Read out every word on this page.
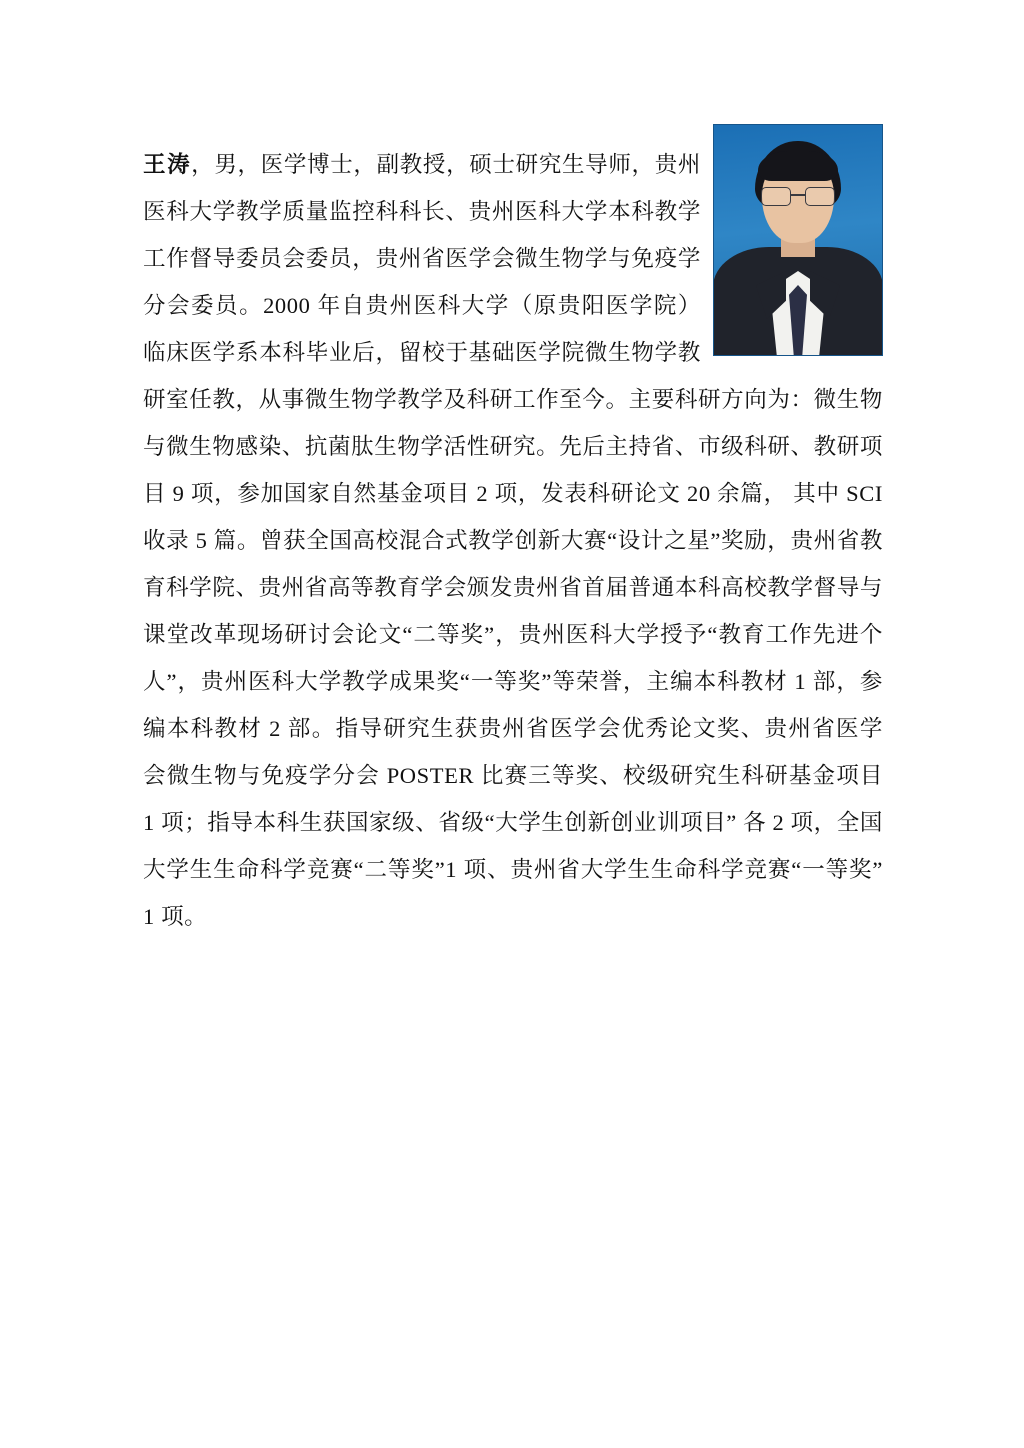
王涛，男，医学博士，副教授，硕士研究生导师，贵州医科大学教学质量监控科科长、贵州医科大学本科教学工作督导委员会委员，贵州省医学会微生物学与免疫学分会委员。2000 年自贵州医科大学（原贵阳医学院）临床医学系本科毕业后，留校于基础医学院微生物学教研室任教，从事微生物学教学及科研工作至今。主要科研方向为：微生物与微生物感染、抗菌肽生物学活性研究。先后主持省、市级科研、教研项目 9 项，参加国家自然基金项目 2 项，发表科研论文 20 余篇， 其中 SCI 收录 5 篇。曾获全国高校混合式教学创新大赛“设计之星”奖励，贵州省教育科学院、贵州省高等教育学会颁发贵州省首届普通本科高校教学督导与课堂改革现场研讨会论文“二等奖”，贵州医科大学授予“教育工作先进个人”，贵州医科大学教学成果奖“一等奖”等荣誉，主编本科教材 1 部，参编本科教材 2 部。指导研究生获贵州省医学会优秀论文奖、贵州省医学会微生物与免疫学分会 POSTER 比赛三等奖、校级研究生科研基金项目 1 项；指导本科生获国家级、省级“大学生创新创业训项目” 各 2 项，全国大学生生命科学竞赛“二等奖”1 项、贵州省大学生生命科学竞赛“一等奖”1 项。
